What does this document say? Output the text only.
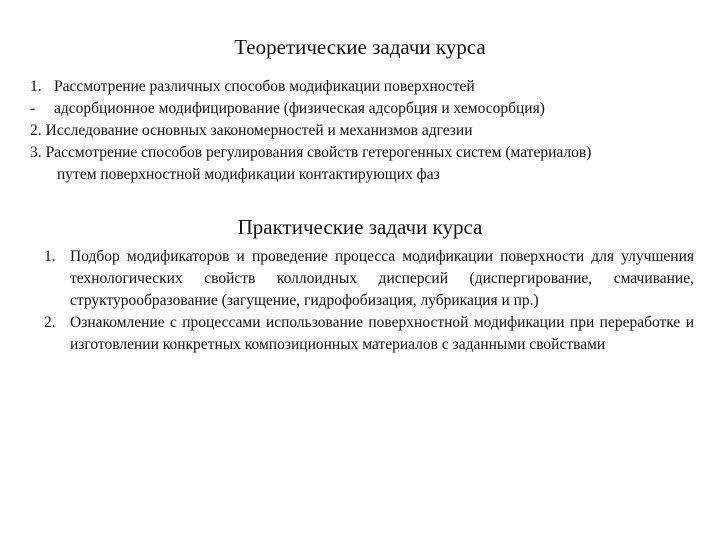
Теоретические задачи курса
1. Рассмотрение различных способов модификации поверхностей
- адсорбционное модифицирование (физическая адсорбция и хемосорбция)
2. Исследование основных закономерностей и механизмов адгезии
3. Рассмотрение способов регулирования свойств гетерогенных систем (материалов)
путем поверхностной модификации контактирующих фаз
Практические задачи курса
1. Подбор модификаторов и проведение процесса модификации поверхности для улучшения технологических свойств коллоидных дисперсий (диспергирование, смачивание, структурообразование (загущение, гидрофобизация, лубрикация и пр.)
2. Ознакомление с процессами использование поверхностной модификации при переработке и изготовлении конкретных композиционных материалов с заданными свойствами
